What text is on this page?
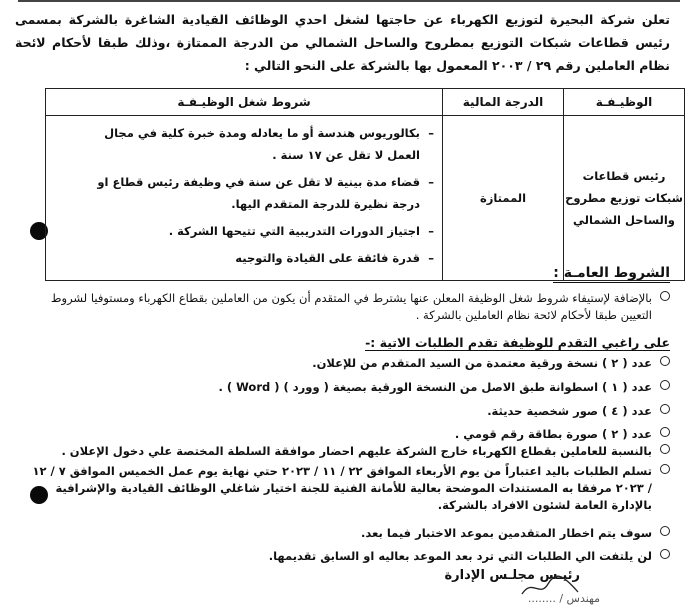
تعلن شركة البحيرة لتوزيع الكهرباء عن حاجتها لشغل احدي الوظائف القيادية الشاغرة بالشركة بمسمى رئيس قطاعات شبكات التوزيع بمطروح والساحل الشمالي من الدرجة الممتازة ،وذلك طبقا لأحكام لائحة نظام العاملين رقم ٢٩ / ٢٠٠٣ المعمول بها بالشركة على النحو التالي :
الوظيـفـة	الدرجة المالية	شروط شغل الوظيـفـة
رئيس قطاعات شبكات توزيع مطروح والساحل الشمالي	الممتازة	– بكالوريوس هندسة أو ما يعادله ومدة خبرة كلية في مجال العمل لا تقل عن ١٧ سنة .
– قضاء مدة بينية لا تقل عن سنة في وظيفة رئيس قطاع او درجة نظيرة للدرجة المتقدم اليها.
– اجتياز الدورات التدريبية التي تتيحها الشركة .
– قدرة فائقة على القيادة والتوجيه
الشروط العامـة :
بالإضافة لإستيفاء شروط شغل الوظيفة المعلن عنها يشترط في المتقدم أن يكون من العاملين بقطاع الكهرباء ومستوفيا لشروط التعيين طبقا لأحكام لائحة نظام العاملين بالشركة .
على راغبي التقدم للوظيفة تقدم الطلبات الاتية :-
عدد ( ٢ ) نسخة ورقية معتمدة من السيد المتقدم من للإعلان.
عدد ( ١ ) اسطوانة طبق الاصل من النسخة الورقية بصيغة ( وورد ) ( Word ) .
عدد ( ٤ ) صور شخصية حديثة.
عدد ( ٢ ) صورة بطاقة رقم قومي .
بالنسبة للعاملين بقطاع الكهرباء خارج الشركة عليهم احضار موافقة السلطة المختصة علي دخول الإعلان .
تسلم الطلبات باليد اعتباراً من يوم الأربعاء الموافق ٢٢ / ١١ / ٢٠٢٣ حتي نهاية يوم عمل الخميس الموافق ٧ / ١٢ / ٢٠٢٣ مرفقا به المستندات الموضحة بعالية للأمانة الفنية للجنة اختيار شاغلي الوظائف القيادية والإشرافية بالإدارة العامة لشئون الافراد بالشركة.
سوف يتم اخطار المتقدمين بموعد الاختبار فيما بعد.
لن يلتفت الي الطلبات التي ترد بعد الموعد بعاليه او السابق تقديمها.
رئيـس مجلـس الإدارة
مهندس / ........
